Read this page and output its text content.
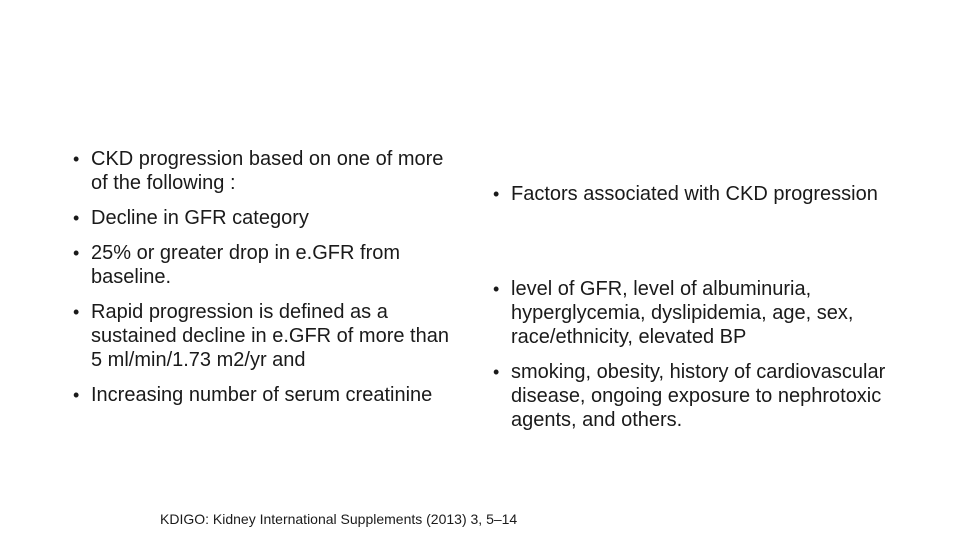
• CKD progression based on one of more of the following :
• Decline in GFR category
• 25% or greater drop in e.GFR from baseline.
• Rapid progression is defined as a sustained decline in e.GFR of more than 5 ml/min/1.73 m2/yr and
• Increasing number of serum creatinine
• Factors associated with CKD progression
• level of GFR, level of albuminuria, hyperglycemia, dyslipidemia, age, sex, race/ethnicity, elevated BP
• smoking, obesity, history of cardiovascular disease, ongoing exposure to nephrotoxic agents, and others.
KDIGO: Kidney International Supplements (2013) 3, 5–14
